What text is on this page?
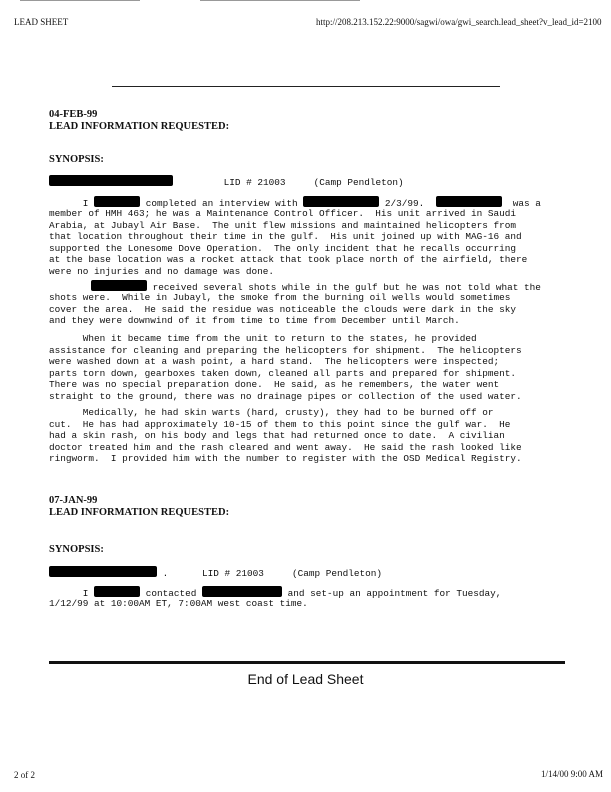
LEAD SHEET	http://208.213.152.22:9000/sagwi/owa/gwi_search.lead_sheet?v_lead_id=2100
04-FEB-99
LEAD INFORMATION REQUESTED:
SYNOPSIS:
LID # 21003	(Camp Pendleton)
I	completed an interview with	2/3/99.	was a
member of HMH 463; he was a Maintenance Control Officer.  His unit arrived in Saudi
Arabia, at Jubayl Air Base.  The unit flew missions and maintained helicopters from
that location throughout their time in the gulf.  His unit joined up with MAG-16 and
supported the Lonesome Dove Operation.  The only incident that he recalls occurring
at the base location was a rocket attack that took place north of the airfield, there
were no injuries and no damage was done.
received several shots while in the gulf but he was not told what the
shots were.  While in Jubayl, the smoke from the burning oil wells would sometimes
cover the area.  He said the residue was noticeable the clouds were dark in the sky
and they were downwind of it from time to time from December until March.
When it became time from the unit to return to the states, he provided
assistance for cleaning and preparing the helicopters for shipment.  The helicopters
were washed down at a wash point, a hard stand.  The helicopters were inspected;
parts torn down, gearboxes taken down, cleaned all parts and prepared for shipment.
There was no special preparation done.  He said, as he remembers, the water went
straight to the ground, there was no drainage pipes or collection of the used water.
Medically, he had skin warts (hard, crusty), they had to be burned off or
cut.  He has had approximately 10-15 of them to this point since the gulf war.  He
had a skin rash, on his body and legs that had returned once to date.  A civilian
doctor treated him and the rash cleared and went away.  He said the rash looked like
ringworm.  I provided him with the number to register with the OSD Medical Registry.
07-JAN-99
LEAD INFORMATION REQUESTED:
SYNOPSIS:
.      LID # 21003	(Camp Pendleton)
I	contacted	and set-up an appointment for Tuesday,
1/12/99 at 10:00AM ET, 7:00AM west coast time.
End of Lead Sheet
2 of 2	1/14/00 9:00 AM
